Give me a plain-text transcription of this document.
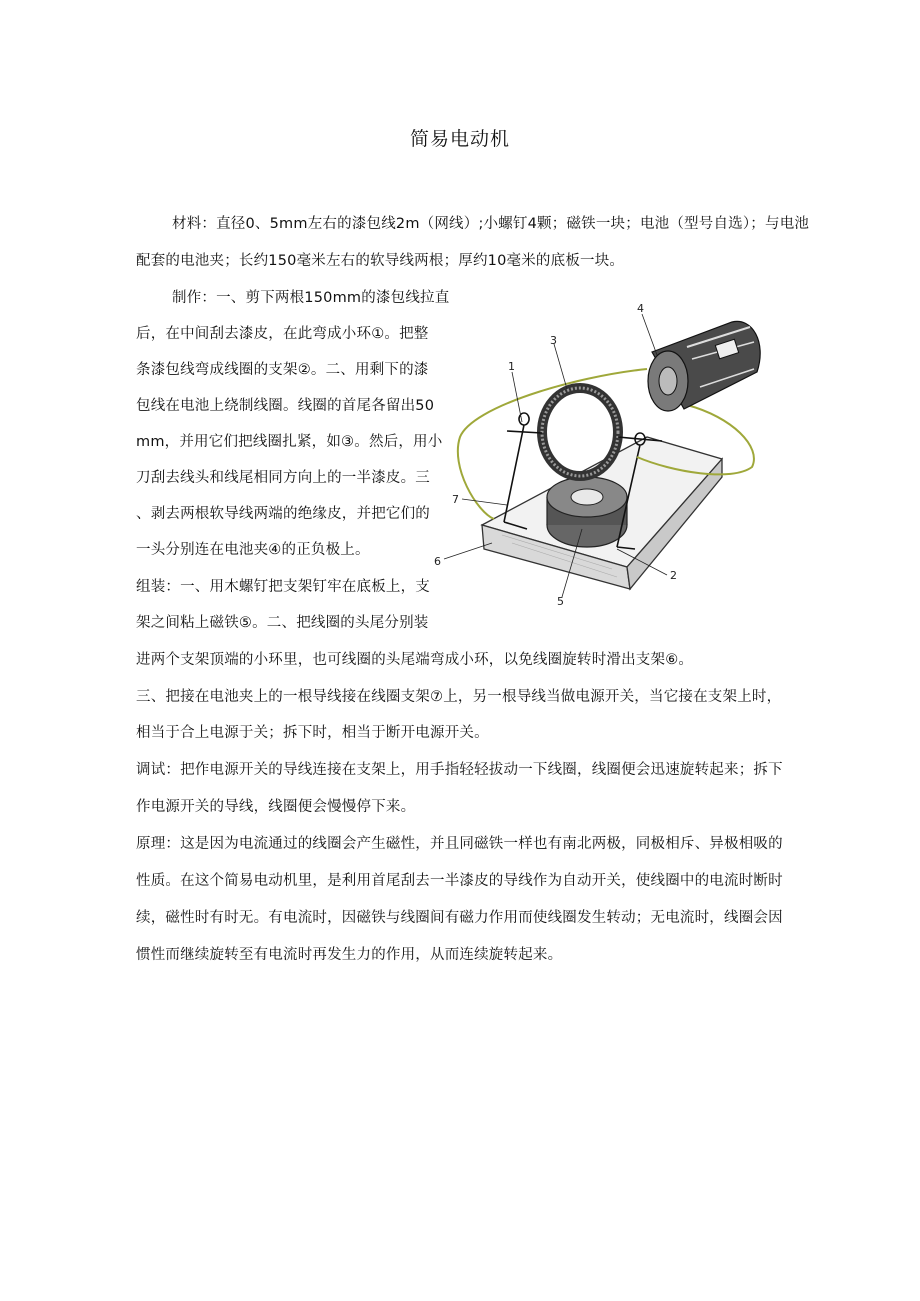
简易电动机
材料：直径0、5mm左右的漆包线2m（网线）;小螺钉4颗；磁铁一块；电池（型号自选）；与电池
配套的电池夹；长约150毫米左右的软导线两根；厚约10毫米的底板一块。
制作：一、剪下两根150mm的漆包线拉直
后，在中间刮去漆皮，在此弯成小环①。把整
条漆包线弯成线圈的支架②。二、用剩下的漆
包线在电池上绕制线圈。线圈的首尾各留出50
mm，并用它们把线圈扎紧，如③。然后，用小
刀刮去线头和线尾相同方向上的一半漆皮。三
、剥去两根软导线两端的绝缘皮，并把它们的
一头分别连在电池夹④的正负极上。
组装：一、用木螺钉把支架钉牢在底板上，支
架之间粘上磁铁⑤。二、把线圈的头尾分别装
进两个支架顶端的小环里，也可线圈的头尾端弯成小环，以免线圈旋转时滑出支架⑥。
三、把接在电池夹上的一根导线接在线圈支架⑦上，另一根导线当做电源开关，当它接在支架上时，
相当于合上电源于关；拆下时，相当于断开电源开关。
调试：把作电源开关的导线连接在支架上，用手指轻轻拔动一下线圈，线圈便会迅速旋转起来；拆下
作电源开关的导线，线圈便会慢慢停下来。
原理：这是因为电流通过的线圈会产生磁性，并且同磁铁一样也有南北两极，同极相斥、异极相吸的
性质。在这个简易电动机里，是利用首尾刮去一半漆皮的导线作为自动开关，使线圈中的电流时断时
续，磁性时有时无。有电流时，因磁铁与线圈间有磁力作用而使线圈发生转动；无电流时，线圈会因
惯性而继续旋转至有电流时再发生力的作用，从而连续旋转起来。
1
2
3
4
5
6
7
